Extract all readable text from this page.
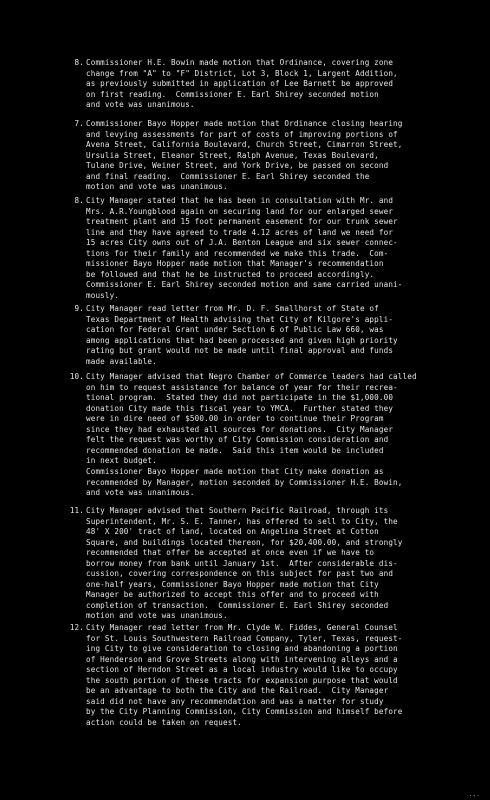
8. Commissioner H.E. Bowin made motion that Ordinance, covering zone
change from "A" to "F" District, Lot 3, Block 1, Largent Addition,
as previously submitted in application of Lee Barnett be approved
on first reading.  Commissioner E. Earl Shirey seconded motion
and vote was unanimous.
7. Commissioner Bayo Hopper made motion that Ordinance closing hearing
and levying assessments for part of costs of improving portions of
Avena Street, California Boulevard, Church Street, Cimarron Street,
Ursulia Street, Eleanor Street, Ralph Avenue, Texas Boulevard,
Tulane Drive, Weiner Street, and York Drive, be passed on second
and final reading.  Commissioner E. Earl Shirey seconded the
motion and vote was unanimous.
8. City Manager stated that he has been in consultation with Mr. and
Mrs. A.R.Youngblood again on securing land for our enlarged sewer
treatment plant and 15 foot permanent easement for our trunk sewer
line and they have agreed to trade 4.12 acres of land we need for
15 acres City owns out of J.A. Benton League and six sewer connec-
tions for their family and recommended we make this trade.  Com-
missioner Bayo Hopper made motion that Manager's recommendation
be followed and that he be instructed to proceed accordingly.
Commissioner E. Earl Shirey seconded motion and same carried unani-
mously.
9. City Manager read letter from Mr. D. F. Smallhorst of State of
Texas Department of Health advising that City of Kilgore's appli-
cation for Federal Grant under Section 6 of Public Law 660, was
among applications that had been processed and given high priority
rating but grant would not be made until final approval and funds
made available.
10. City Manager advised that Negro Chamber of Commerce leaders had called
on him to request assistance for balance of year for their recrea-
tional program.  Stated they did not participate in the $1,000.00
donation City made this fiscal year to YMCA.  Further stated they
were in dire need of $500.00 in order to continue their Program
since they had exhausted all sources for donations.  City Manager
felt the request was worthy of City Commission consideration and
recommended donation be made.  Said this item would be included
in next budget.
Commissioner Bayo Hopper made motion that City make donation as
recommended by Manager, motion seconded by Commissioner H.E. Bowin,
and vote was unanimous.
11. City Manager advised that Southern Pacific Railroad, through its
Superintendent, Mr. S. E. Tanner, has offered to sell to City, the
48' X 200' tract of land, located on Angelina Street at Cotton
Square, and buildings located thereon, for $20,400.00, and strongly
recommended that offer be accepted at once even if we have to
borrow money from bank until January 1st.  After considerable dis-
cussion, covering correspondence on this subject for past two and
one-half years, Commissioner Bayo Hopper made motion that City
Manager be authorized to accept this offer and to proceed with
completion of transaction.  Commissioner E. Earl Shirey seconded
motion and vote was unanimous.
12. City Manager read letter from Mr. Clyde W. Fiddes, General Counsel
for St. Louis Southwestern Railroad Company, Tyler, Texas, request-
ing City to give consideration to closing and abandoning a portion
of Henderson and Grove Streets along with intervening alleys and a
section of Herndon Street as a local industry would like to occupy
the south portion of these tracts for expansion purpose that would
be an advantage to both the City and the Railroad.  City Manager
said did not have any recommendation and was a matter for study
by the City Planning Commission, City Commission and himself before
action could be taken on request.
...
